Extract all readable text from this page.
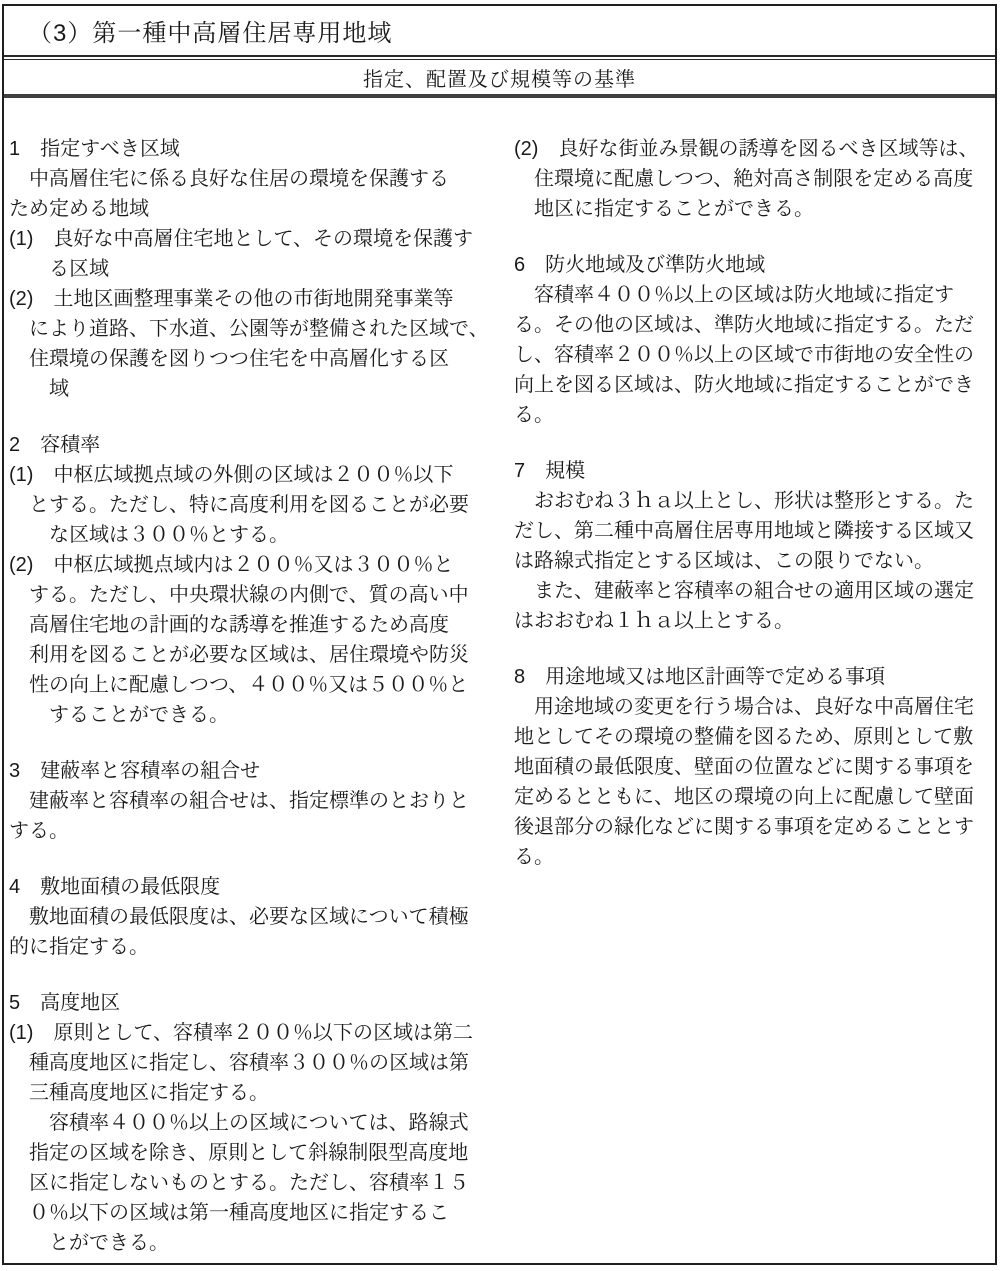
（3）第一種中高層住居専用地域
指定、配置及び規模等の基準
1　指定すべき区域
　中高層住宅に係る良好な住居の環境を保護する
ため定める地域
(1)　良好な中高層住宅地として、その環境を保護す
　　る区域
(2)　土地区画整理事業その他の市街地開発事業等
　により道路、下水道、公園等が整備された区域で、
　住環境の保護を図りつつ住宅を中高層化する区
　　域
2　容積率
(1)　中枢広域拠点域の外側の区域は２００％以下
　とする。ただし、特に高度利用を図ることが必要
　　な区域は３００％とする。
(2)　中枢広域拠点域内は２００％又は３００％と
　する。ただし、中央環状線の内側で、質の高い中
　高層住宅地の計画的な誘導を推進するため高度
　利用を図ることが必要な区域は、居住環境や防災
　性の向上に配慮しつつ、４００％又は５００％と
　　することができる。
3　建蔽率と容積率の組合せ
　建蔽率と容積率の組合せは、指定標準のとおりと
する。
4　敷地面積の最低限度
　敷地面積の最低限度は、必要な区域について積極
的に指定する。
5　高度地区
(1)　原則として、容積率２００％以下の区域は第二
　種高度地区に指定し、容積率３００％の区域は第
　三種高度地区に指定する。
　　容積率４００％以上の区域については、路線式
　指定の区域を除き、原則として斜線制限型高度地
　区に指定しないものとする。ただし、容積率１５
　０％以下の区域は第一種高度地区に指定するこ
　　とができる。
(2)　良好な街並み景観の誘導を図るべき区域等は、
　住環境に配慮しつつ、絶対高さ制限を定める高度
　地区に指定することができる。
6　防火地域及び準防火地域
　容積率４００％以上の区域は防火地域に指定す
る。その他の区域は、準防火地域に指定する。ただ
し、容積率２００％以上の区域で市街地の安全性の
向上を図る区域は、防火地域に指定することができ
る。
7　規模
　おおむね３ｈａ以上とし、形状は整形とする。た
だし、第二種中高層住居専用地域と隣接する区域又
は路線式指定とする区域は、この限りでない。
　また、建蔽率と容積率の組合せの適用区域の選定
はおおむね１ｈａ以上とする。
8　用途地域又は地区計画等で定める事項
　用途地域の変更を行う場合は、良好な中高層住宅
地としてその環境の整備を図るため、原則として敷
地面積の最低限度、壁面の位置などに関する事項を
定めるとともに、地区の環境の向上に配慮して壁面
後退部分の緑化などに関する事項を定めることとす
る。
